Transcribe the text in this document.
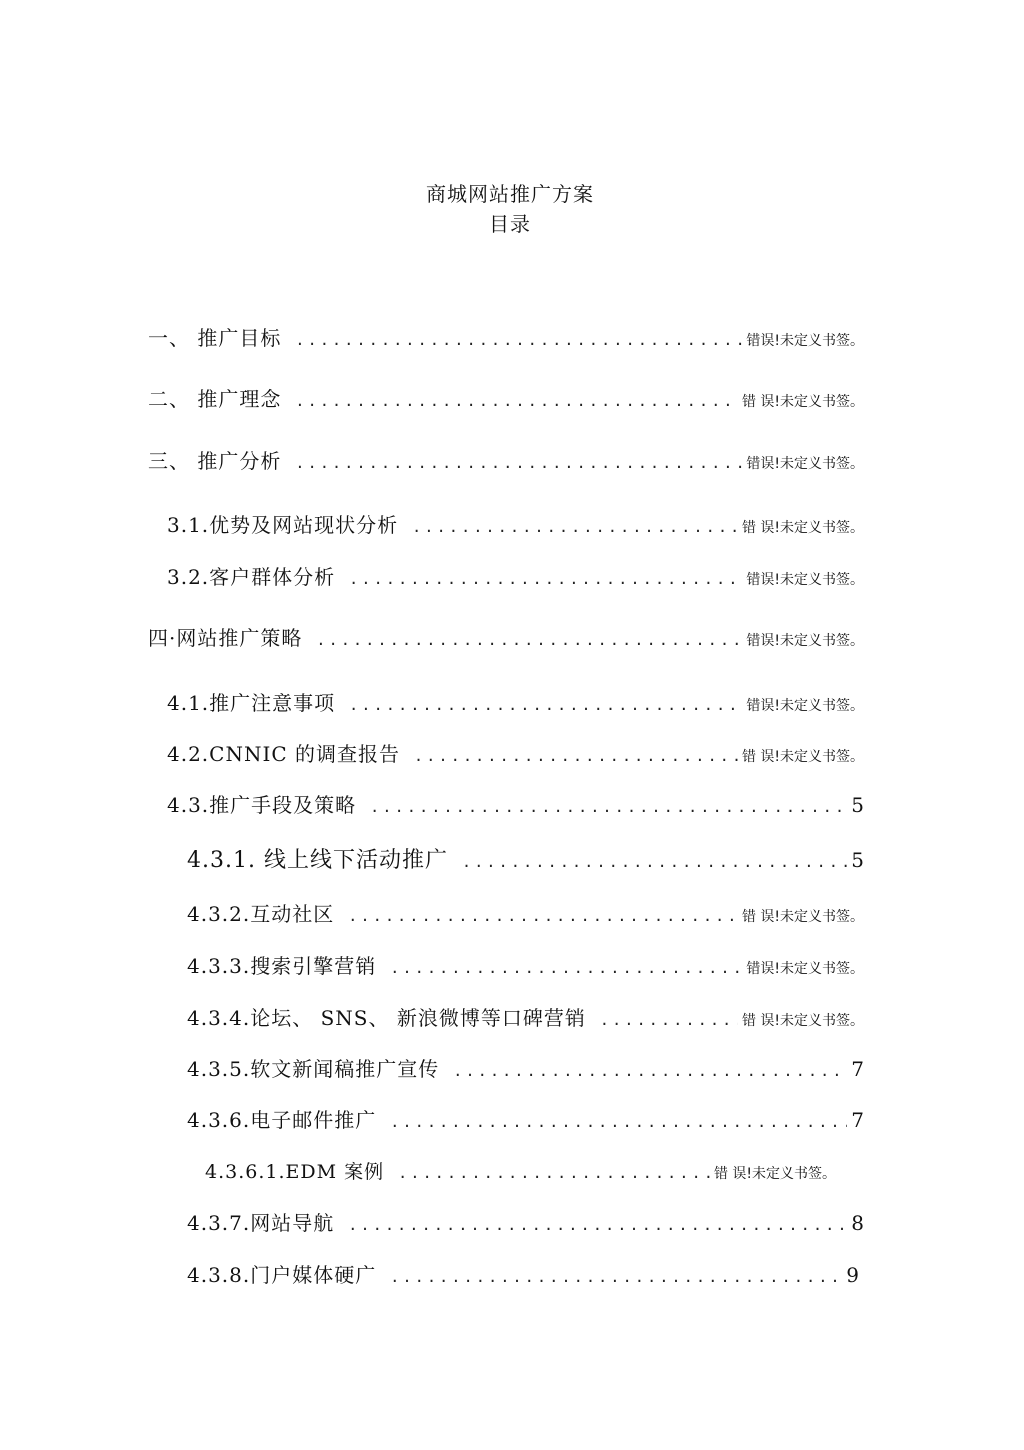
商城网站推广方案
目录
一、 推广目标 .....	错误!未定义书签。
二、 推广理念 .....	错 误!未定义书签。
三、 推广分析 .....	错误!未定义书签。
3.1.优势及网站现状分析 .....	错 误!未定义书签。
3.2.客户群体分析 .....	错误!未定义书签。
四·网站推广策略 .....	错误!未定义书签。
4.1.推广注意事项 .....	错误!未定义书签。
4.2.CNNIC 的调查报告 .....	错 误!未定义书签。
4.3.推广手段及策略 .....	5
4.3.1. 线上线下活动推广 .....	5
4.3.2.互动社区 .....	错 误!未定义书签。
4.3.3.搜索引擎营销 .....	错误!未定义书签。
4.3.4.论坛、 SNS、 新浪微博等口碑营销 .....	错 误!未定义书签。
4.3.5.软文新闻稿推广宣传 .....	7
4.3.6.电子邮件推广 .....	7
4.3.6.1.EDM 案例 .....	错 误!未定义书签。
4.3.7.网站导航 .....	8
4.3.8.门户媒体硬广 .....	9
